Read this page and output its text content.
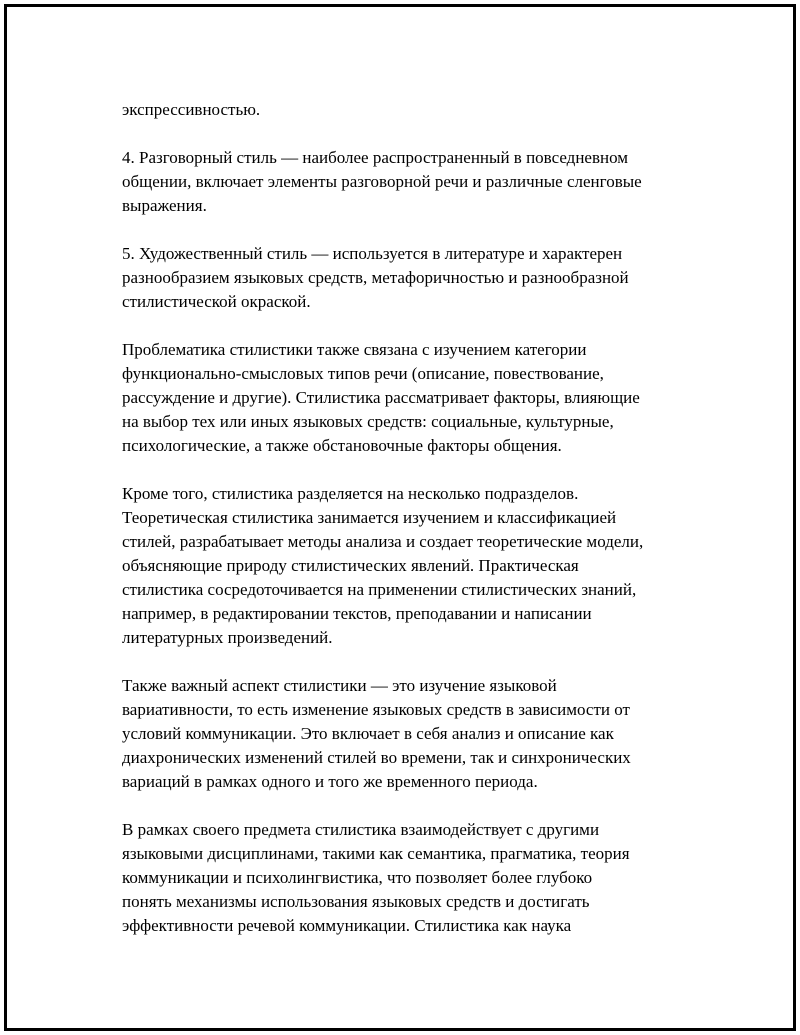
экспрессивностью.

4. Разговорный стиль — наиболее распространенный в повседневном
общении, включает элементы разговорной речи и различные сленговые
выражения.

5. Художественный стиль — используется в литературе и характерен
разнообразием языковых средств, метафоричностью и разнообразной
стилистической окраской.

Проблематика стилистики также связана с изучением категории
функционально-смысловых типов речи (описание, повествование,
рассуждение и другие). Стилистика рассматривает факторы, влияющие
на выбор тех или иных языковых средств: социальные, культурные,
психологические, а также обстановочные факторы общения.

Кроме того, стилистика разделяется на несколько подразделов.
Теоретическая стилистика занимается изучением и классификацией
стилей, разрабатывает методы анализа и создает теоретические модели,
объясняющие природу стилистических явлений. Практическая
стилистика сосредоточивается на применении стилистических знаний,
например, в редактировании текстов, преподавании и написании
литературных произведений.

Также важный аспект стилистики — это изучение языковой
вариативности, то есть изменение языковых средств в зависимости от
условий коммуникации. Это включает в себя анализ и описание как
диахронических изменений стилей во времени, так и синхронических
вариаций в рамках одного и того же временного периода.

В рамках своего предмета стилистика взаимодействует с другими
языковыми дисциплинами, такими как семантика, прагматика, теория
коммуникации и психолингвистика, что позволяет более глубоко
понять механизмы использования языковых средств и достигать
эффективности речевой коммуникации. Стилистика как наука
